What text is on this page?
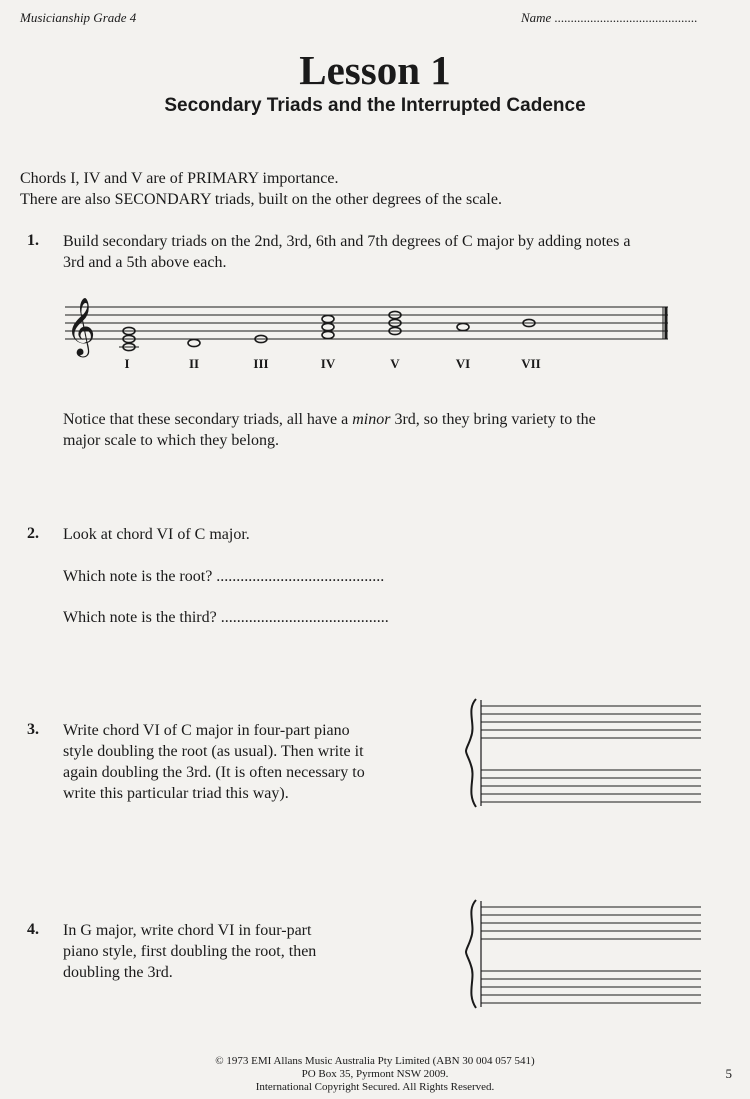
Musicianship Grade 4	Name ............................................
Lesson 1
Secondary Triads and the Interrupted Cadence
Chords I, IV and V are of PRIMARY importance.
There are also SECONDARY triads, built on the other degrees of the scale.
1. Build secondary triads on the 2nd, 3rd, 6th and 7th degrees of C major by adding notes a
3rd and a 5th above each.
𝄞
I	II	III	IV	V	VI	VII
Notice that these secondary triads, all have a minor 3rd, so they bring variety to the
major scale to which they belong.
2. Look at chord VI of C major.
Which note is the root? ..........................................
Which note is the third? ..........................................
3. Write chord VI of C major in four-part piano
style doubling the root (as usual). Then write it
again doubling the 3rd. (It is often necessary to
write this particular triad this way).
4. In G major, write chord VI in four-part
piano style, first doubling the root, then
doubling the 3rd.
© 1973 EMI Allans Music Australia Pty Limited (ABN 30 004 057 541)
PO Box 35, Pyrmont NSW 2009.
International Copyright Secured. All Rights Reserved.
5
